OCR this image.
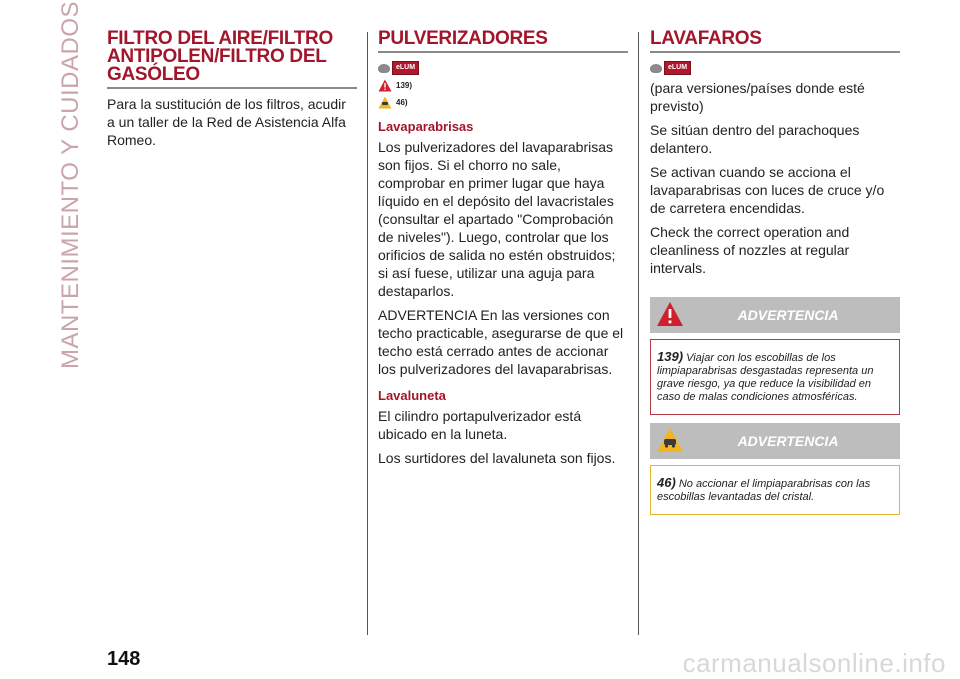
MANTENIMIENTO Y CUIDADOS FILTRO DEL AIRE/FILTRO ANTIPOLEN/FILTRO DEL GASÓLEO

Para la sustitución de los filtros, acudir a un taller de la Red de Asistencia Alfa Romeo.

PULVERIZADORES
eLUM
139)
46)
Lavaparabrisas

Los pulverizadores del lavaparabrisas son fijos. Si el chorro no sale, comprobar en primer lugar que haya líquido en el depósito del lavacristales (consultar el apartado "Comprobación de niveles"). Luego, controlar que los orificios de salida no estén obstruidos; si así fuese, utilizar una aguja para destaparlos.

ADVERTENCIA En las versiones con techo practicable, asegurarse de que el techo está cerrado antes de accionar los pulverizadores del lavaparabrisas.

Lavaluneta

El cilindro portapulverizador está ubicado en la luneta.

Los surtidores del lavaluneta son fijos.

LAVAFAROS
eLUM

(para versiones/países donde esté previsto)

Se sitúan dentro del parachoques delantero.

Se activan cuando se acciona el lavaparabrisas con luces de cruce y/o de carretera encendidas.

Check the correct operation and cleanliness of nozzles at regular intervals.

ADVERTENCIA
139) Viajar con los escobillas de los limpiaparabrisas desgastadas representa un grave riesgo, ya que reduce la visibilidad en caso de malas condiciones atmosféricas.
ADVERTENCIA
46) No accionar el limpiaparabrisas con las escobillas levantadas del cristal.
148	carmanualsonline.info
